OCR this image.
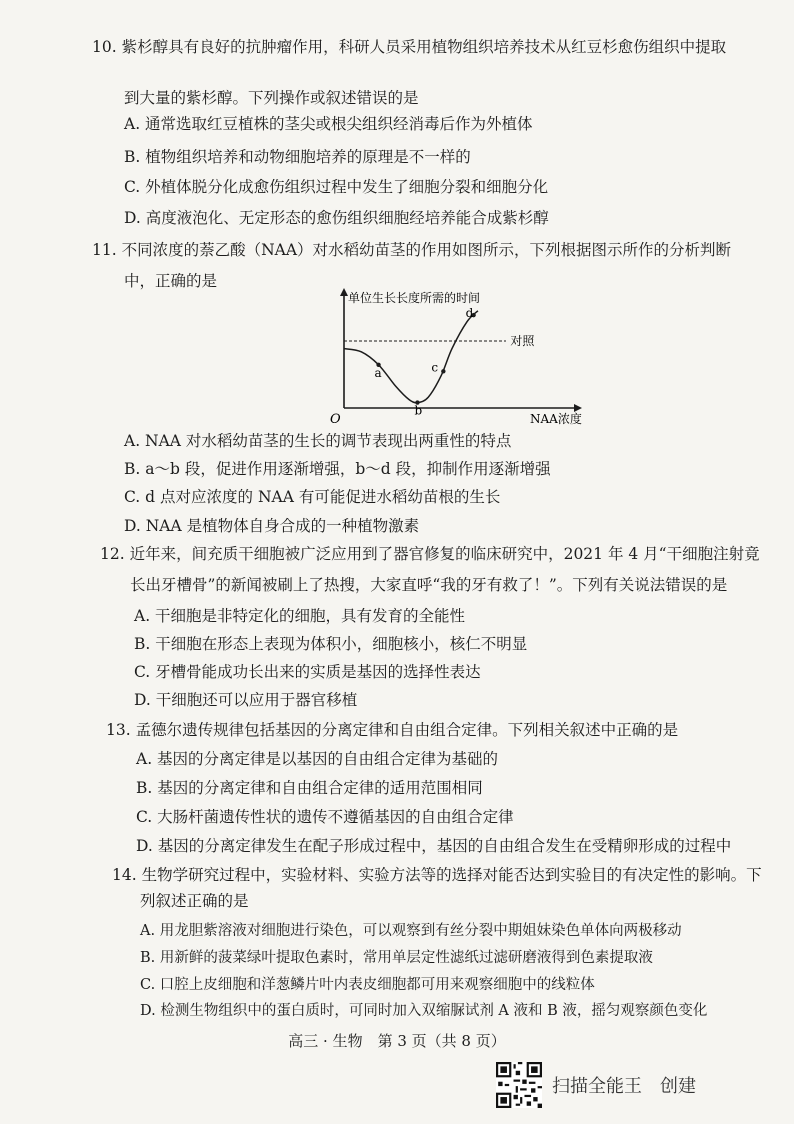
10. 紫杉醇具有良好的抗肿瘤作用，科研人员采用植物组织培养技术从红豆杉愈伤组织中提取
到大量的紫杉醇。下列操作或叙述错误的是
A. 通常选取红豆植株的茎尖或根尖组织经消毒后作为外植体
B. 植物组织培养和动物细胞培养的原理是不一样的
C. 外植体脱分化成愈伤组织过程中发生了细胞分裂和细胞分化
D. 高度液泡化、无定形态的愈伤组织细胞经培养能合成紫杉醇
11. 不同浓度的萘乙酸（NAA）对水稻幼苗茎的作用如图所示，下列根据图示所作的分析判断
中，正确的是
单位生长长度所需的时间
NAA浓度
O
对照
a
b
c
d
A. NAA 对水稻幼苗茎的生长的调节表现出两重性的特点
B. a～b 段，促进作用逐渐增强，b～d 段，抑制作用逐渐增强
C. d 点对应浓度的 NAA 有可能促进水稻幼苗根的生长
D. NAA 是植物体自身合成的一种植物激素
12. 近年来，间充质干细胞被广泛应用到了器官修复的临床研究中，2021 年 4 月“干细胞注射竟
长出牙槽骨”的新闻被刷上了热搜，大家直呼“我的牙有救了！”。下列有关说法错误的是
A. 干细胞是非特定化的细胞，具有发育的全能性
B. 干细胞在形态上表现为体积小，细胞核小，核仁不明显
C. 牙槽骨能成功长出来的实质是基因的选择性表达
D. 干细胞还可以应用于器官移植
13. 孟德尔遗传规律包括基因的分离定律和自由组合定律。下列相关叙述中正确的是
A. 基因的分离定律是以基因的自由组合定律为基础的
B. 基因的分离定律和自由组合定律的适用范围相同
C. 大肠杆菌遗传性状的遗传不遵循基因的自由组合定律
D. 基因的分离定律发生在配子形成过程中，基因的自由组合发生在受精卵形成的过程中
14. 生物学研究过程中，实验材料、实验方法等的选择对能否达到实验目的有决定性的影响。下
列叙述正确的是
A. 用龙胆紫溶液对细胞进行染色，可以观察到有丝分裂中期姐妹染色单体向两极移动
B. 用新鲜的菠菜绿叶提取色素时，常用单层定性滤纸过滤研磨液得到色素提取液
C. 口腔上皮细胞和洋葱鳞片叶内表皮细胞都可用来观察细胞中的线粒体
D. 检测生物组织中的蛋白质时，可同时加入双缩脲试剂 A 液和 B 液，摇匀观察颜色变化
高三 · 生物　第 3 页（共 8 页）
扫描全能王　创建
